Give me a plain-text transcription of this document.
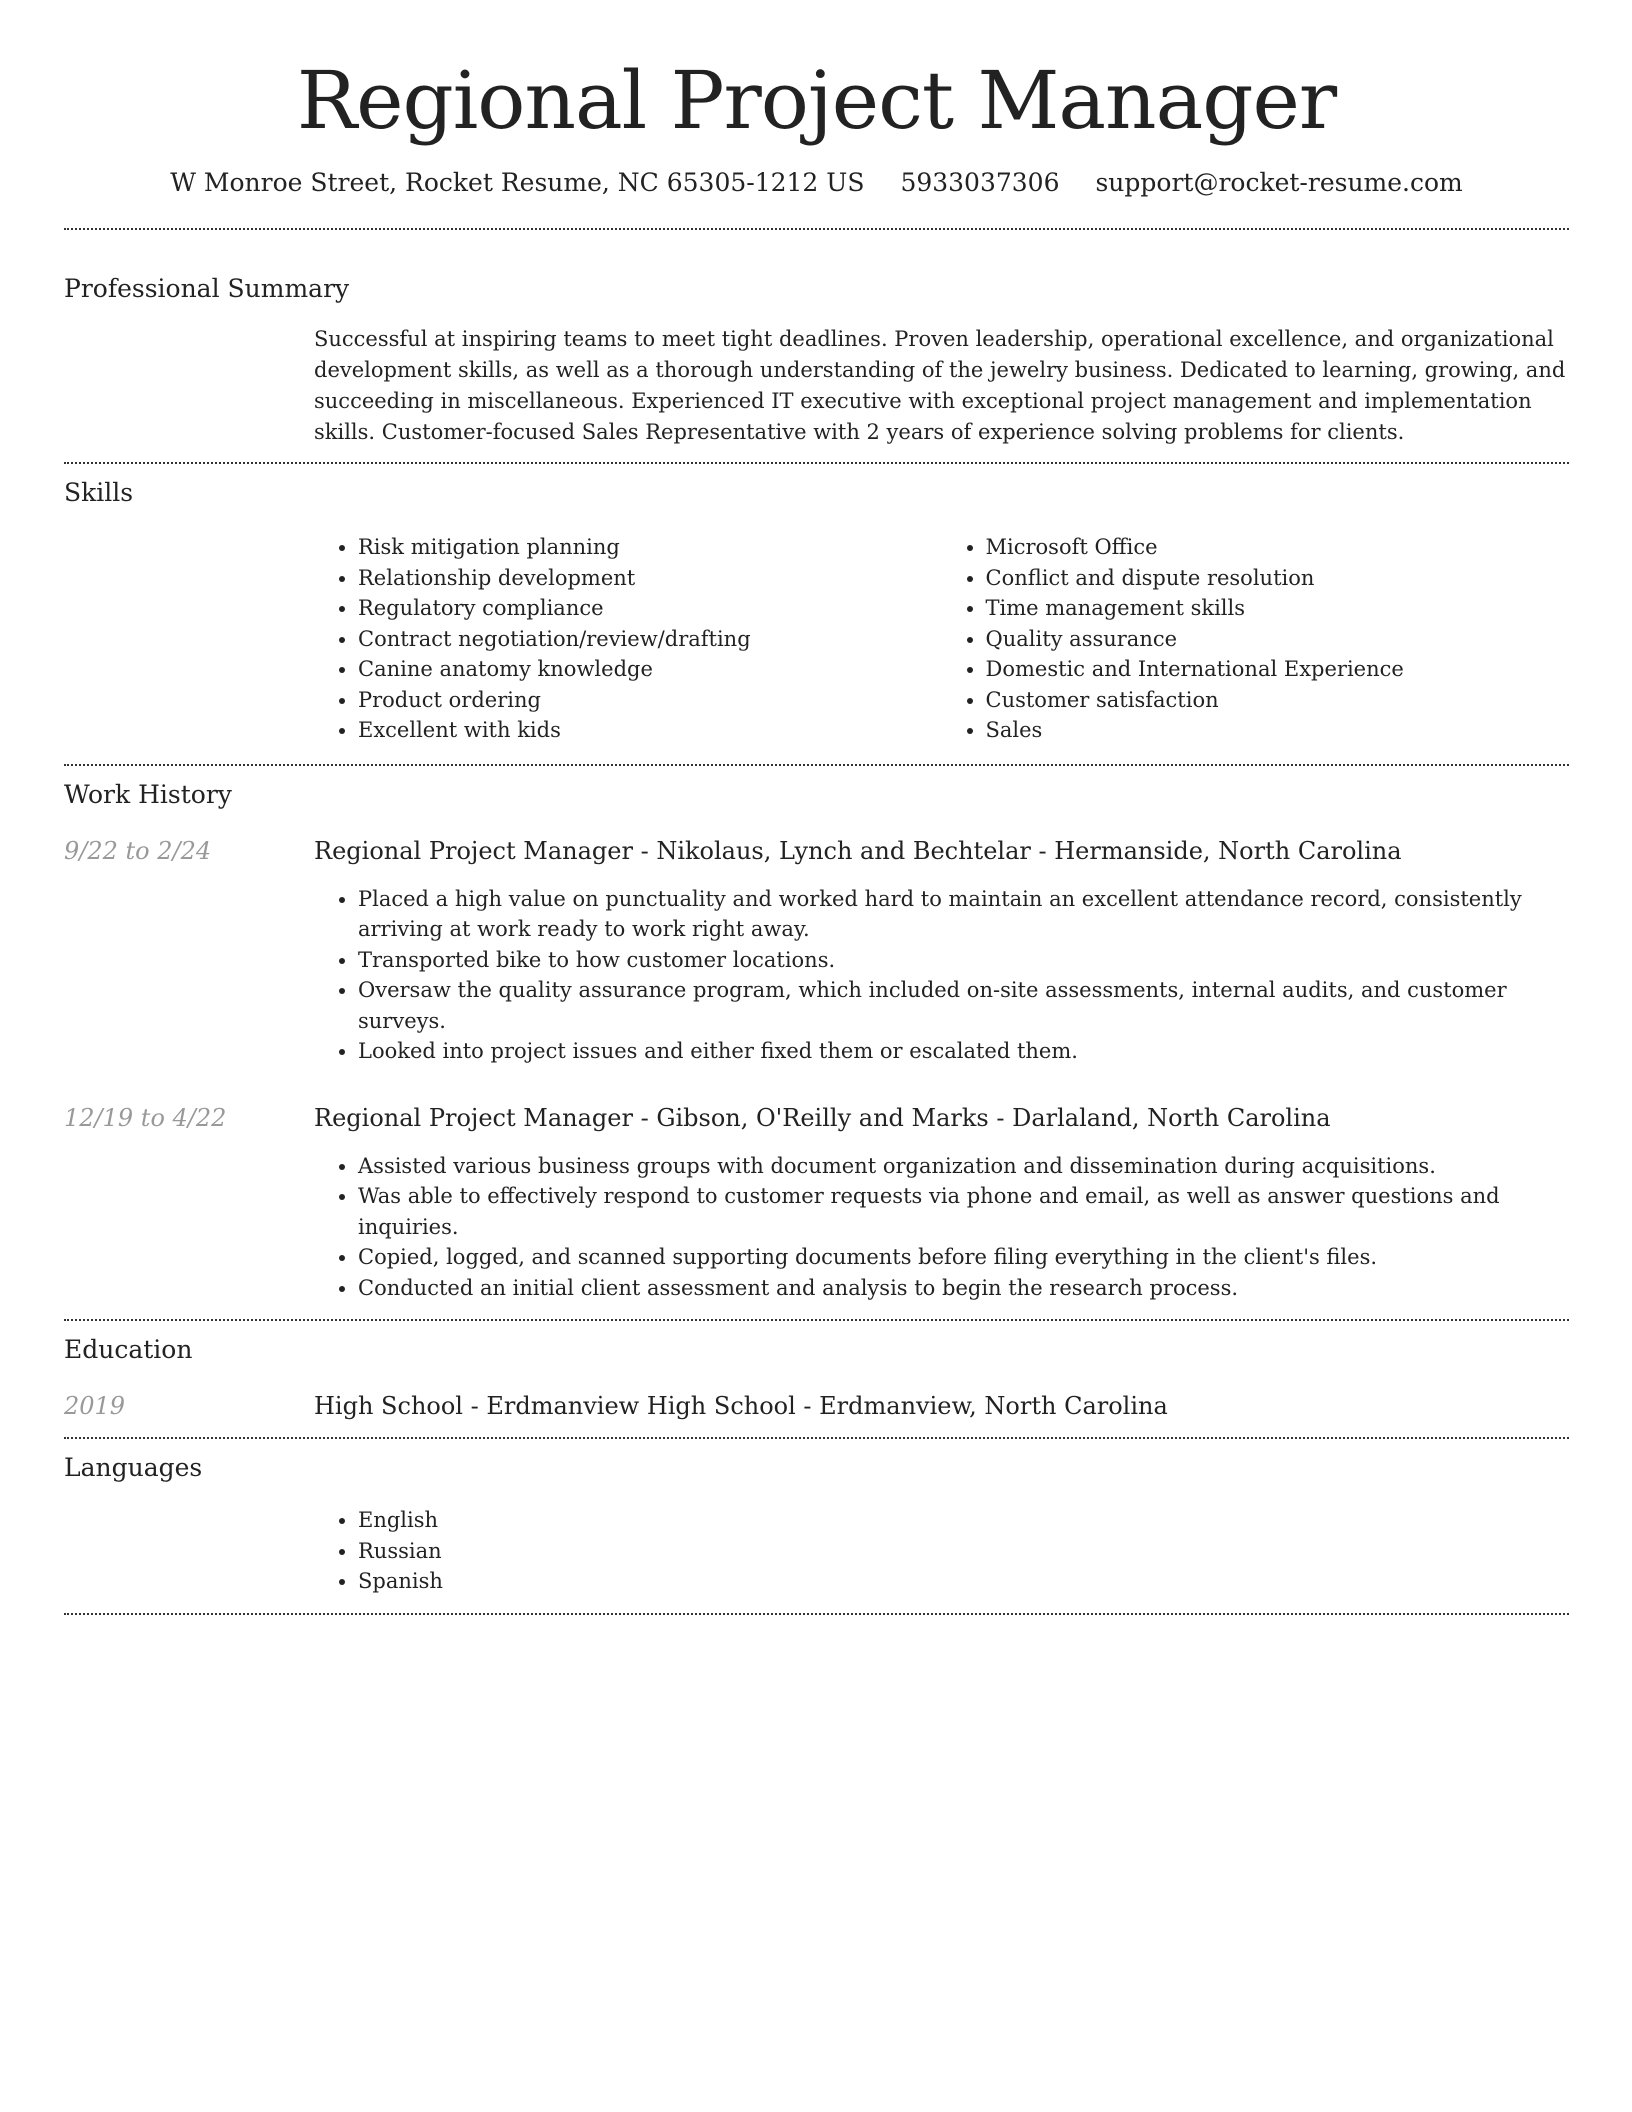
Regional Project Manager
W Monroe Street, Rocket Resume, NC 65305-1212 US 5933037306 support@rocket-resume.com
Professional Summary
Successful at inspiring teams to meet tight deadlines. Proven leadership, operational excellence, and organizational development skills, as well as a thorough understanding of the jewelry business. Dedicated to learning, growing, and succeeding in miscellaneous. Experienced IT executive with exceptional project management and implementation skills. Customer-focused Sales Representative with 2 years of experience solving problems for clients.
Skills
• Risk mitigation planning
• Relationship development
• Regulatory compliance
• Contract negotiation/review/drafting
• Canine anatomy knowledge
• Product ordering
• Excellent with kids
• Microsoft Office
• Conflict and dispute resolution
• Time management skills
• Quality assurance
• Domestic and International Experience
• Customer satisfaction
• Sales
Work History
9/22 to 2/24	Regional Project Manager - Nikolaus, Lynch and Bechtelar - Hermanside, North Carolina
• Placed a high value on punctuality and worked hard to maintain an excellent attendance record, consistently arriving at work ready to work right away.
• Transported bike to how customer locations.
• Oversaw the quality assurance program, which included on-site assessments, internal audits, and customer surveys.
• Looked into project issues and either fixed them or escalated them.
12/19 to 4/22	Regional Project Manager - Gibson, O'Reilly and Marks - Darlaland, North Carolina
• Assisted various business groups with document organization and dissemination during acquisitions.
• Was able to effectively respond to customer requests via phone and email, as well as answer questions and inquiries.
• Copied, logged, and scanned supporting documents before filing everything in the client's files.
• Conducted an initial client assessment and analysis to begin the research process.
Education
2019	High School - Erdmanview High School - Erdmanview, North Carolina
Languages
• English
• Russian
• Spanish
